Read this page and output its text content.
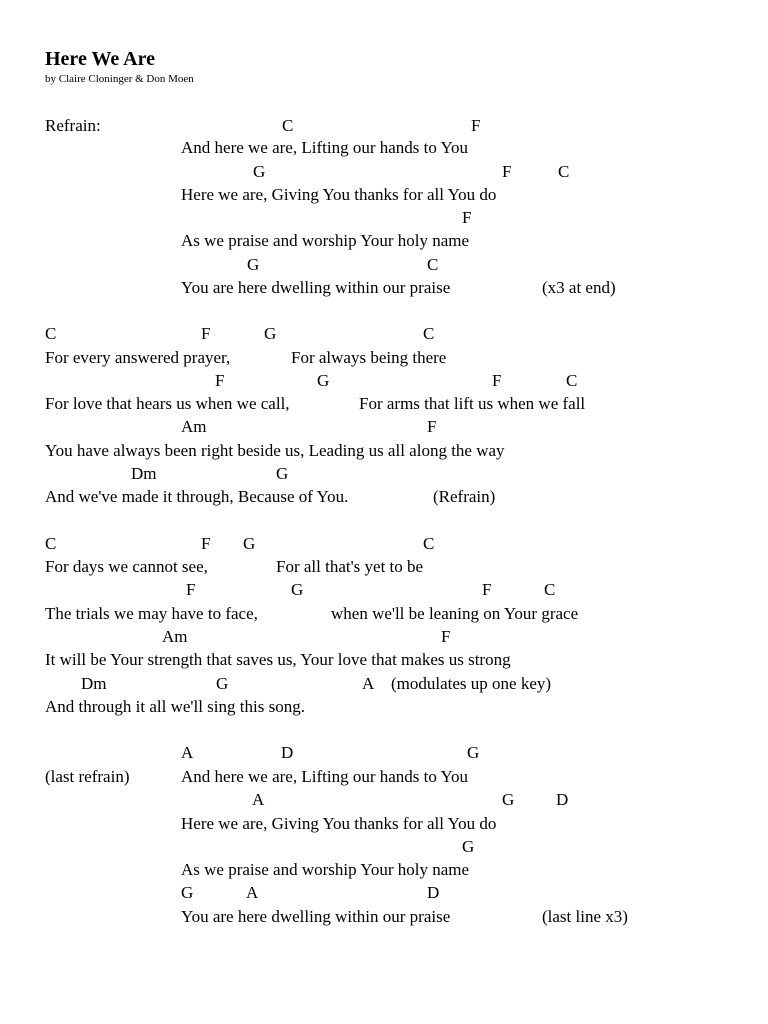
Here We Are
by Claire Cloninger & Don Moen
Refrain:	C	F
And here we are, Lifting our hands to You
G	F	C
Here we are, Giving You thanks for all You do
F
As we praise and worship Your holy name
G	C
You are here dwelling within our praise	(x3 at end)
C	F	G	C
For every answered prayer,	For always being there
F	G	F	C
For love that hears us when we call,	For arms that lift us when we fall
Am	F
You have always been right beside us, Leading us all along the way
Dm	G
And we've made it through, Because of You.	(Refrain)
C	F G	C
For days we cannot see,	For all that's yet to be
F	G	F	C
The trials we may have to face,	when we'll be leaning on Your grace
Am	F
It will be Your strength that saves us, Your love that makes us strong
Dm	G	A (modulates up one key)
And through it all we'll sing this song.
A	D	G
(last refrain)	And here we are, Lifting our hands to You
A	G D
Here we are, Giving You thanks for all You do
G
As we praise and worship Your holy name
G	A	D
You are here dwelling within our praise	(last line x3)
